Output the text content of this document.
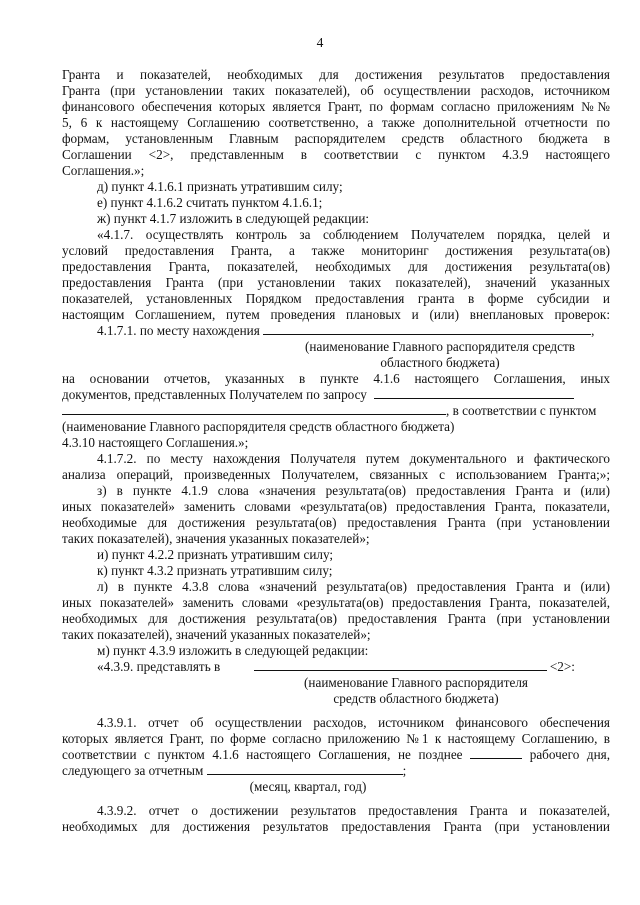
4
Гранта и показателей, необходимых для достижения результатов предоставления
Гранта (при установлении таких показателей), об осуществлении расходов, источником
финансового обеспечения которых является Грант, по формам согласно приложениям №№
5, 6 к настоящему Соглашению соответственно, а также дополнительной отчетности по
формам, установленным Главным распорядителем средств областного бюджета в
Соглашении <2>, представленным в соответствии с пунктом 4.3.9 настоящего
Соглашения.»;
д) пункт 4.1.6.1 признать утратившим силу;
е) пункт 4.1.6.2 считать пунктом 4.1.6.1;
ж) пункт 4.1.7 изложить в следующей редакции:
«4.1.7. осуществлять контроль за соблюдением Получателем порядка, целей и
условий предоставления Гранта, а также мониторинг достижения результата(ов)
предоставления Гранта, показателей, необходимых для достижения результата(ов)
предоставления Гранта (при установлении таких показателей), значений указанных
показателей, установленных Порядком предоставления гранта в форме субсидии и
настоящим Соглашением, путем проведения плановых и (или) внеплановых проверок:
4.1.7.1. по месту нахождения	,
(наименование Главного распорядителя средств
областного бюджета)
на основании отчетов, указанных в пункте 4.1.6 настоящего Соглашения, иных
документов, представленных Получателем по запросу
, в соответствии с пунктом
(наименование Главного распорядителя средств областного бюджета)
4.3.10 настоящего Соглашения.»;
4.1.7.2. по месту нахождения Получателя путем документального и фактического
анализа операций, произведенных Получателем, связанных с использованием Гранта;»;
з) в пункте 4.1.9 слова «значения результата(ов) предоставления Гранта и (или)
иных показателей» заменить словами «результата(ов) предоставления Гранта, показатели,
необходимые для достижения результата(ов) предоставления Гранта (при установлении
таких показателей), значения указанных показателей»;
и) пункт 4.2.2 признать утратившим силу;
к) пункт 4.3.2 признать утратившим силу;
л) в пункте 4.3.8 слова «значений результата(ов) предоставления Гранта и (или)
иных показателей» заменить словами «результата(ов) предоставления Гранта, показателей,
необходимых для достижения результата(ов) предоставления Гранта (при установлении
таких показателей), значений указанных показателей»;
м) пункт 4.3.9 изложить в следующей редакции:
«4.3.9. представлять в	<2>:
(наименование Главного распорядителя
средств областного бюджета)
4.3.9.1. отчет об осуществлении расходов, источником финансового обеспечения
которых является Грант, по форме согласно приложению №1 к настоящему Соглашению, в
соответствии с пунктом 4.1.6 настоящего Соглашения, не позднее	рабочего дня,
следующего за отчетным	;
(месяц, квартал, год)
4.3.9.2. отчет о достижении результатов предоставления Гранта и показателей,
необходимых для достижения результатов предоставления Гранта (при установлении
